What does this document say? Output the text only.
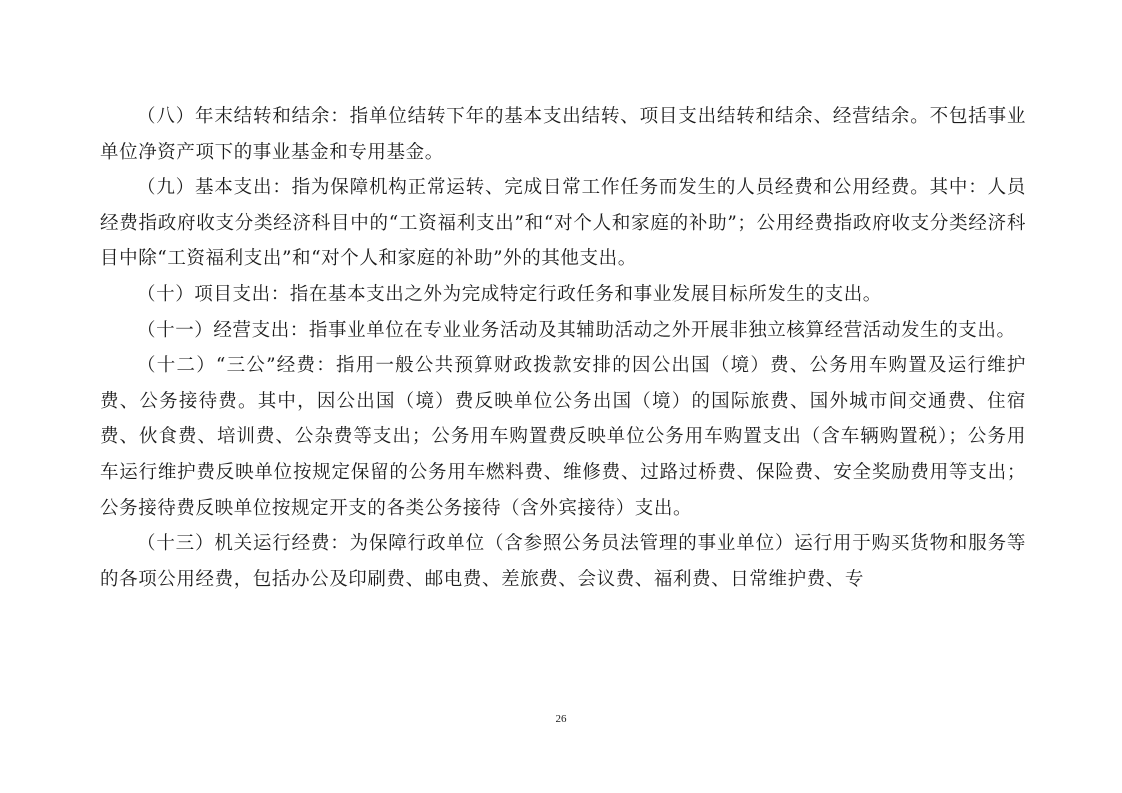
（八）年末结转和结余：指单位结转下年的基本支出结转、项目支出结转和结余、经营结余。不包括事业单位净资产项下的事业基金和专用基金。

（九）基本支出：指为保障机构正常运转、完成日常工作任务而发生的人员经费和公用经费。其中：人员经费指政府收支分类经济科目中的“工资福利支出”和“对个人和家庭的补助”；公用经费指政府收支分类经济科目中除“工资福利支出”和“对个人和家庭的补助”外的其他支出。

（十）项目支出：指在基本支出之外为完成特定行政任务和事业发展目标所发生的支出。

（十一）经营支出：指事业单位在专业业务活动及其辅助活动之外开展非独立核算经营活动发生的支出。

（十二）“三公”经费：指用一般公共预算财政拨款安排的因公出国（境）费、公务用车购置及运行维护费、公务接待费。其中，因公出国（境）费反映单位公务出国（境）的国际旅费、国外城市间交通费、住宿费、伙食费、培训费、公杂费等支出；公务用车购置费反映单位公务用车购置支出（含车辆购置税）；公务用车运行维护费反映单位按规定保留的公务用车燃料费、维修费、过路过桥费、保险费、安全奖励费用等支出；公务接待费反映单位按规定开支的各类公务接待（含外宾接待）支出。

（十三）机关运行经费：为保障行政单位（含参照公务员法管理的事业单位）运行用于购买货物和服务等的各项公用经费，包括办公及印刷费、邮电费、差旅费、会议费、福利费、日常维护费、专

26
